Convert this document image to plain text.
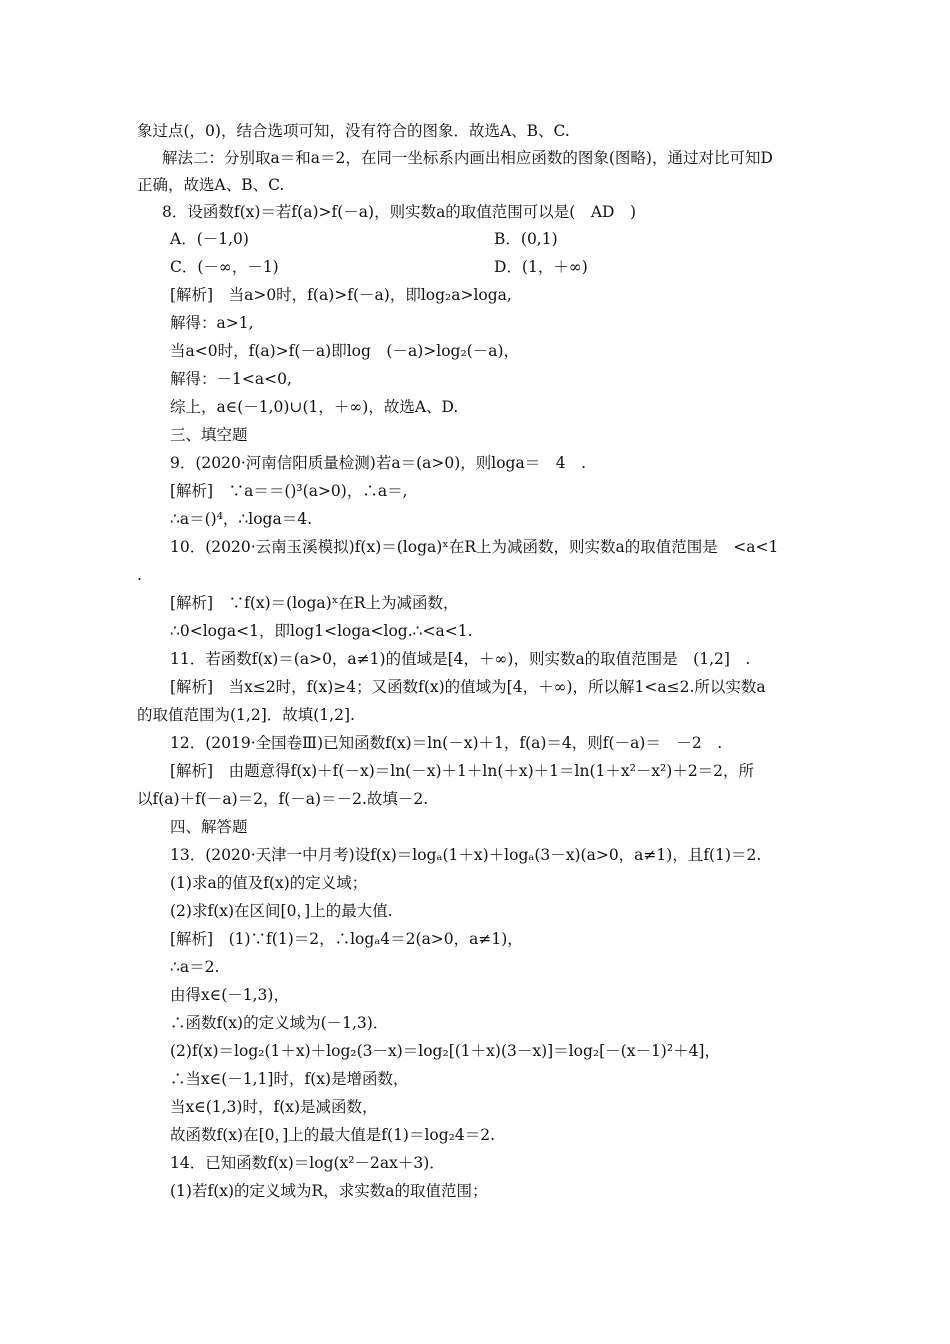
象过点(，0)，结合选项可知，没有符合的图象．故选A、B、C.
解法二：分别取a＝和a＝2，在同一坐标系内画出相应函数的图象(图略)，通过对比可知D
正确，故选A、B、C.
8．设函数f(x)＝若f(a)>f(－a)，则实数a的取值范围可以是(　AD　)
A．(－1,0)	B．(0,1)
C．(－∞，－1)	D．(1，＋∞)
[解析]　当a>0时，f(a)>f(－a)，即log₂a>loga,
解得：a>1,
当a<0时，f(a)>f(－a)即log　(－a)>log₂(－a)，
解得：－1<a<0,
综上，a∈(－1,0)∪(1，＋∞)，故选A、D.
三、填空题
9．(2020·河南信阳质量检测)若a＝(a>0)，则loga＝　4　.
[解析]　∵a＝＝()³(a>0)，∴a＝,
∴a＝()⁴，∴loga＝4.
10．(2020·云南玉溪模拟)f(x)＝(loga)ˣ在R上为减函数，则实数a的取值范围是　<a<1
.
[解析]　∵f(x)＝(loga)ˣ在R上为减函数，
∴0<loga<1，即log1<loga<log.∴<a<1.
11．若函数f(x)＝(a>0，a≠1)的值域是[4，＋∞)，则实数a的取值范围是　(1,2]　.
[解析]　当x≤2时，f(x)≥4；又函数f(x)的值域为[4，＋∞)，所以解1<a≤2.所以实数a
的取值范围为(1,2]．故填(1,2].
12．(2019·全国卷Ⅲ)已知函数f(x)＝ln(－x)＋1，f(a)＝4，则f(－a)＝　－2　.
[解析]　由题意得f(x)＋f(－x)＝ln(－x)＋1＋ln(＋x)＋1＝ln(1＋x²－x²)＋2＝2，所
以f(a)＋f(－a)＝2，f(－a)＝－2.故填－2.
四、解答题
13．(2020·天津一中月考)设f(x)＝logₐ(1＋x)＋logₐ(3－x)(a>0，a≠1)，且f(1)＝2.
(1)求a的值及f(x)的定义域；
(2)求f(x)在区间[0，]上的最大值.
[解析]　(1)∵f(1)＝2，∴logₐ4＝2(a>0，a≠1)，
∴a＝2.
由得x∈(－1,3)，
∴函数f(x)的定义域为(－1,3)．
(2)f(x)＝log₂(1＋x)＋log₂(3－x)＝log₂[(1＋x)(3－x)]＝log₂[－(x－1)²＋4]，
∴当x∈(－1,1]时，f(x)是增函数，
当x∈(1,3)时，f(x)是减函数，
故函数f(x)在[0，]上的最大值是f(1)＝log₂4＝2.
14．已知函数f(x)＝log(x²－2ax＋3)．
(1)若f(x)的定义域为R，求实数a的取值范围；
